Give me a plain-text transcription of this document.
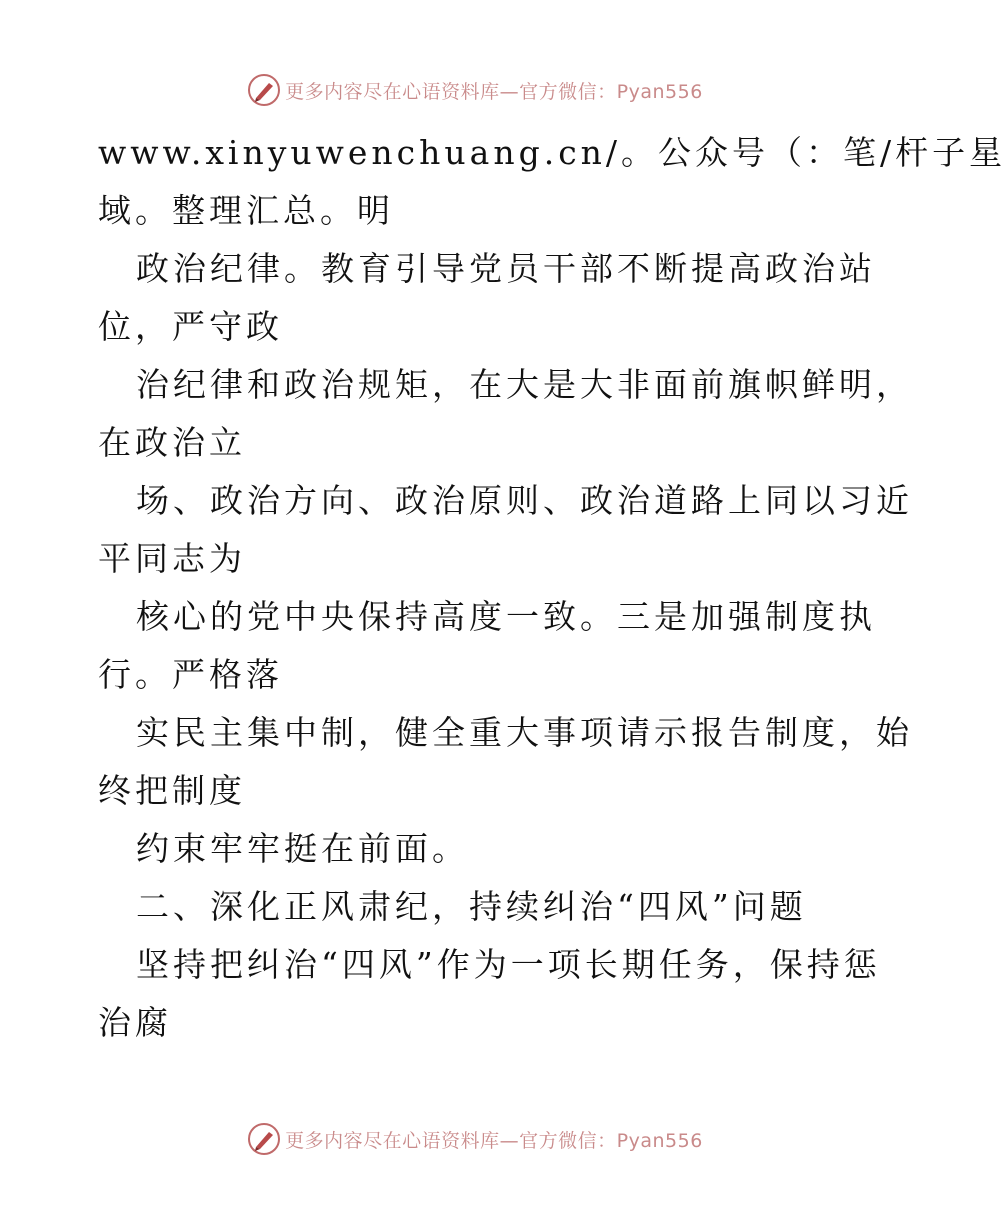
更多内容尽在心语资料库—官方微信：Pyan556
www.xinyuwenchuang.cn/。公众号（：笔/杆子星
域。整理汇总。明
政治纪律。教育引导党员干部不断提高政治站
位，严守政
治纪律和政治规矩，在大是大非面前旗帜鲜明，
在政治立
场、政治方向、政治原则、政治道路上同以习近
平同志为
核心的党中央保持高度一致。三是加强制度执
行。严格落
实民主集中制，健全重大事项请示报告制度，始
终把制度
约束牢牢挺在前面。
二、深化正风肃纪，持续纠治“四风”问题
坚持把纠治“四风”作为一项长期任务，保持惩
治腐
更多内容尽在心语资料库—官方微信：Pyan556
